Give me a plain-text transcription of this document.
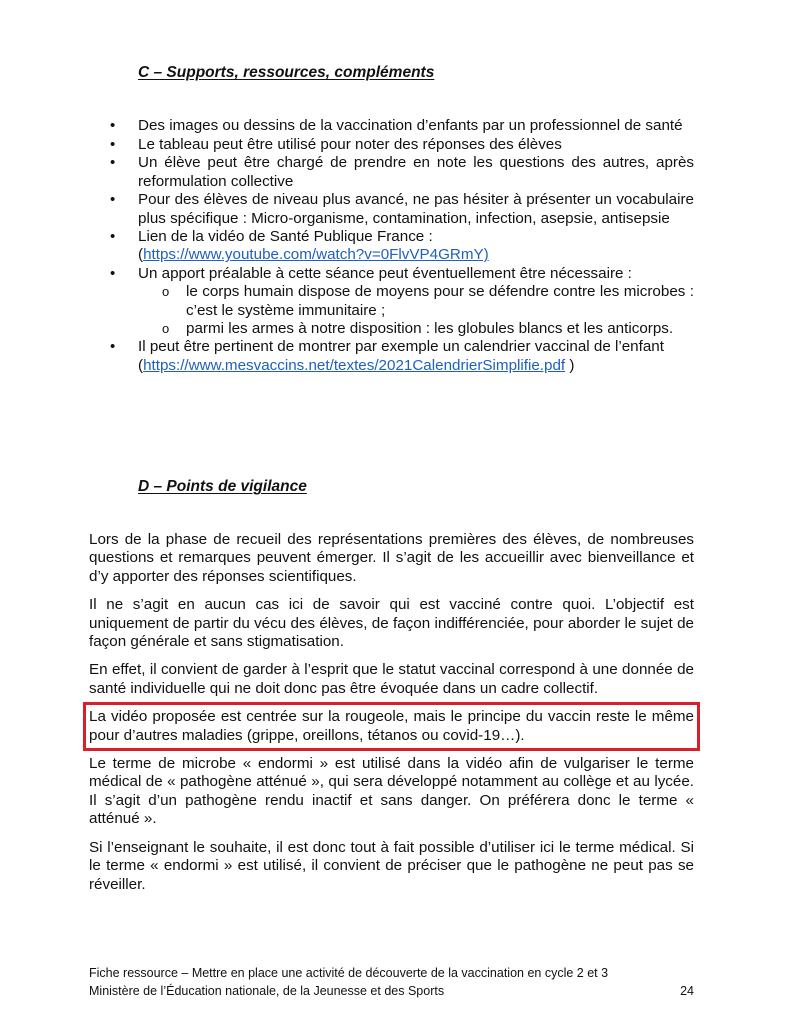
C – Supports, ressources, compléments
• Des images ou dessins de la vaccination d’enfants par un professionnel de santé
• Le tableau peut être utilisé pour noter des réponses des élèves
• Un élève peut être chargé de prendre en note les questions des autres, après reformulation collective
• Pour des élèves de niveau plus avancé, ne pas hésiter à présenter un vocabulaire plus spécifique : Micro-organisme, contamination, infection, asepsie, antisepsie
• Lien de la vidéo de Santé Publique France :
(https://www.youtube.com/watch?v=0FlvVP4GRmY)
• Un apport préalable à cette séance peut éventuellement être nécessaire :
o le corps humain dispose de moyens pour se défendre contre les microbes : c’est le système immunitaire ;
o parmi les armes à notre disposition : les globules blancs et les anticorps.
• Il peut être pertinent de montrer par exemple un calendrier vaccinal de l’enfant
(https://www.mesvaccins.net/textes/2021CalendrierSimplifie.pdf )
D – Points de vigilance

Lors de la phase de recueil des représentations premières des élèves, de nombreuses questions et remarques peuvent émerger. Il s’agit de les accueillir avec bienveillance et d’y apporter des réponses scientifiques.

Il ne s’agit en aucun cas ici de savoir qui est vacciné contre quoi. L’objectif est uniquement de partir du vécu des élèves, de façon indifférenciée, pour aborder le sujet de façon générale et sans stigmatisation.

En effet, il convient de garder à l’esprit que le statut vaccinal correspond à une donnée de santé individuelle qui ne doit donc pas être évoquée dans un cadre collectif.

La vidéo proposée est centrée sur la rougeole, mais le principe du vaccin reste le même pour d’autres maladies (grippe, oreillons, tétanos ou covid-19…).

Le terme de microbe « endormi » est utilisé dans la vidéo afin de vulgariser le terme médical de « pathogène atténué », qui sera développé notamment au collège et au lycée. Il s’agit d’un pathogène rendu inactif et sans danger. On préférera donc le terme « atténué ».

Si l’enseignant le souhaite, il est donc tout à fait possible d’utiliser ici le terme médical. Si le terme « endormi » est utilisé, il convient de préciser que le pathogène ne peut pas se réveiller.

Fiche ressource – Mettre en place une activité de découverte de la vaccination en cycle 2 et 3
Ministère de l’Éducation nationale, de la Jeunesse et des Sports	24
